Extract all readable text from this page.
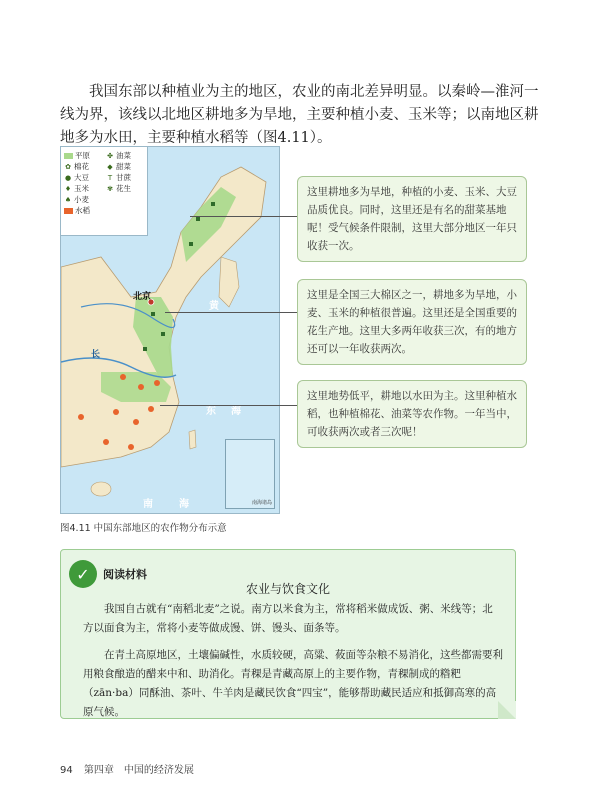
我国东部以种植业为主的地区，农业的南北差异明显。以秦岭—淮河一线为界，该线以北地区耕地多为旱地，主要种植小麦、玉米等；以南地区耕地多为水田，主要种植水稻等（图4.11）。

平原
✿ 棉花
● 大豆
♦ 玉米
♠ 小麦
水稻
✤ 油菜
◆ 甜菜
T 甘蔗
✾ 花生
北京
黄
东 海
南	海
长
南海诸岛
这里耕地多为旱地，种植的小麦、玉米、大豆品质优良。同时，这里还是有名的甜菜基地呢！受气候条件限制，这里大部分地区一年只收获一次。
这里是全国三大棉区之一，耕地多为旱地，小麦、玉米的种植很普遍。这里还是全国重要的花生产地。这里大多两年收获三次，有的地方还可以一年收获两次。
这里地势低平，耕地以水田为主。这里种植水稻，也种植棉花、油菜等农作物。一年当中，可收获两次或者三次呢！
图4.11 中国东部地区的农作物分布示意
✓	阅读材料
农业与饮食文化

我国自古就有“南稻北麦”之说。南方以米食为主，常将稻米做成饭、粥、米线等；北方以面食为主，常将小麦等做成馒、饼、馒头、面条等。

在青土高原地区，土壤偏碱性，水质较硬，高粱、莜面等杂粮不易消化，这些都需要利用粮食酿造的醋来中和、助消化。青稞是青藏高原上的主要作物，青稞制成的糌粑（zān·ba）同酥油、茶叶、牛羊肉是藏民饮食“四宝”，能够帮助藏民适应和抵御高寒的高原气候。

94 第四章　中国的经济发展
